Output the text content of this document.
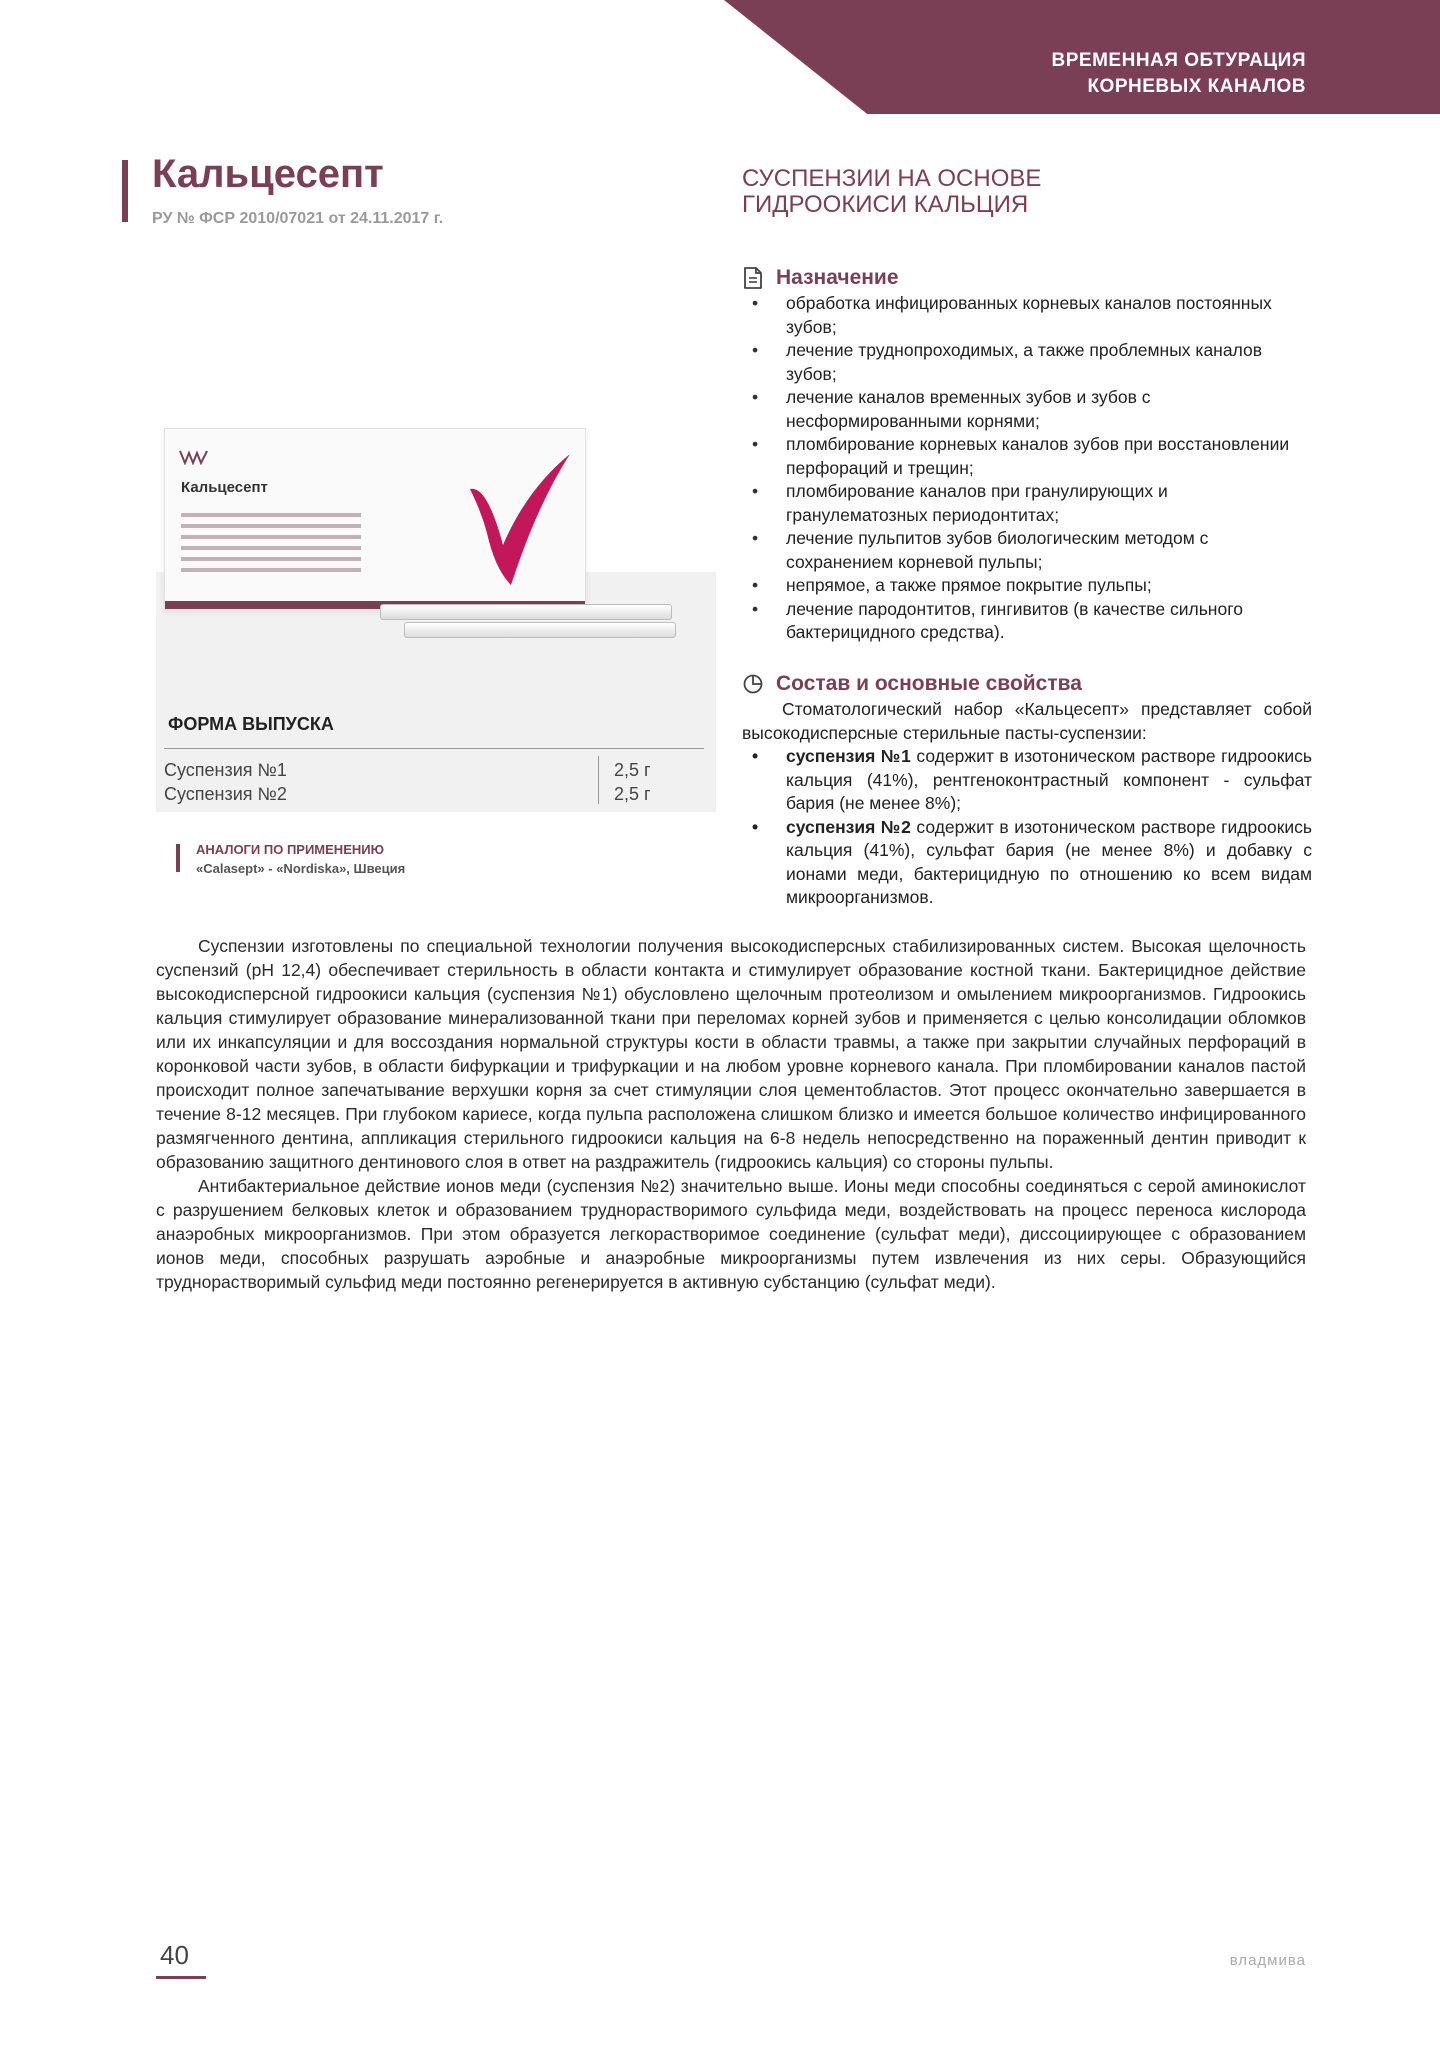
ВРЕМЕННАЯ ОБТУРАЦИЯ
КОРНЕВЫХ КАНАЛОВ
Кальцесепт
РУ № ФСР 2010/07021 от 24.11.2017 г.
СУСПЕНЗИИ НА ОСНОВЕ
ГИДРООКИСИ КАЛЬЦИЯ
Назначение
• обработка инфицированных корневых каналов постоянных зубов;
• лечение труднопроходимых, а также проблемных каналов зубов;
• лечение каналов временных зубов и зубов с несформированными корнями;
• пломбирование корневых каналов зубов при восстановлении перфораций и трещин;
• пломбирование каналов при гранулирующих и гранулематозных периодонтитах;
• лечение пульпитов зубов биологическим методом с сохранением корневой пульпы;
• непрямое, а также прямое покрытие пульпы;
• лечение пародонтитов, гингивитов (в качестве сильного бактерицидного средства).
Состав и основные свойства

Стоматологический набор «Кальцесепт» представляет собой высокодисперсные стерильные пасты-суспензии:

• суспензия №1 содержит в изотоническом растворе гидроокись кальция (41%), рентгеноконтрастный компонент - сульфат бария (не менее 8%);
• суспензия №2 содержит в изотоническом растворе гидроокись кальция (41%), сульфат бария (не менее 8%) и добавку с ионами меди, бактерицидную по отношению ко всем видам микроорганизмов.
Кальцесепт
ФОРМА ВЫПУСКА
Суспензия №1	2,5 г
Суспензия №2	2,5 г
АНАЛОГИ ПО ПРИМЕНЕНИЮ
«Calasept» - «Nordiska», Швеция

Суспензии изготовлены по специальной технологии получения высокодисперсных стабилизированных систем. Высокая щелочность суспензий (pH 12,4) обеспечивает стерильность в области контакта и стимулирует образование костной ткани. Бактерицидное действие высокодисперсной гидроокиси кальция (суспензия №1) обусловлено щелочным протеолизом и омылением микроорганизмов. Гидроокись кальция стимулирует образование минерализованной ткани при переломах корней зубов и применяется с целью консолидации обломков или их инкапсуляции и для воссоздания нормальной структуры кости в области травмы, а также при закрытии случайных перфораций в коронковой части зубов, в области бифуркации и трифуркации и на любом уровне корневого канала. При пломбировании каналов пастой происходит полное запечатывание верхушки корня за счет стимуляции слоя цементобластов. Этот процесс окончательно завершается в течение 8-12 месяцев. При глубоком кариесе, когда пульпа расположена слишком близко и имеется большое количество инфицированного размягченного дентина, аппликация стерильного гидроокиси кальция на 6-8 недель непосредственно на пораженный дентин приводит к образованию защитного дентинового слоя в ответ на раздражитель (гидроокись кальция) со стороны пульпы.

Антибактериальное действие ионов меди (суспензия №2) значительно выше. Ионы меди способны соединяться с серой аминокислот с разрушением белковых клеток и образованием труднорастворимого сульфида меди, воздействовать на процесс переноса кислорода анаэробных микроорганизмов. При этом образуется легкорастворимое соединение (сульфат меди), диссоциирующее с образованием ионов меди, способных разрушать аэробные и анаэробные микроорганизмы путем извлечения из них серы. Образующийся труднорастворимый сульфид меди постоянно регенерируется в активную субстанцию (сульфат меди).

40	владмива
